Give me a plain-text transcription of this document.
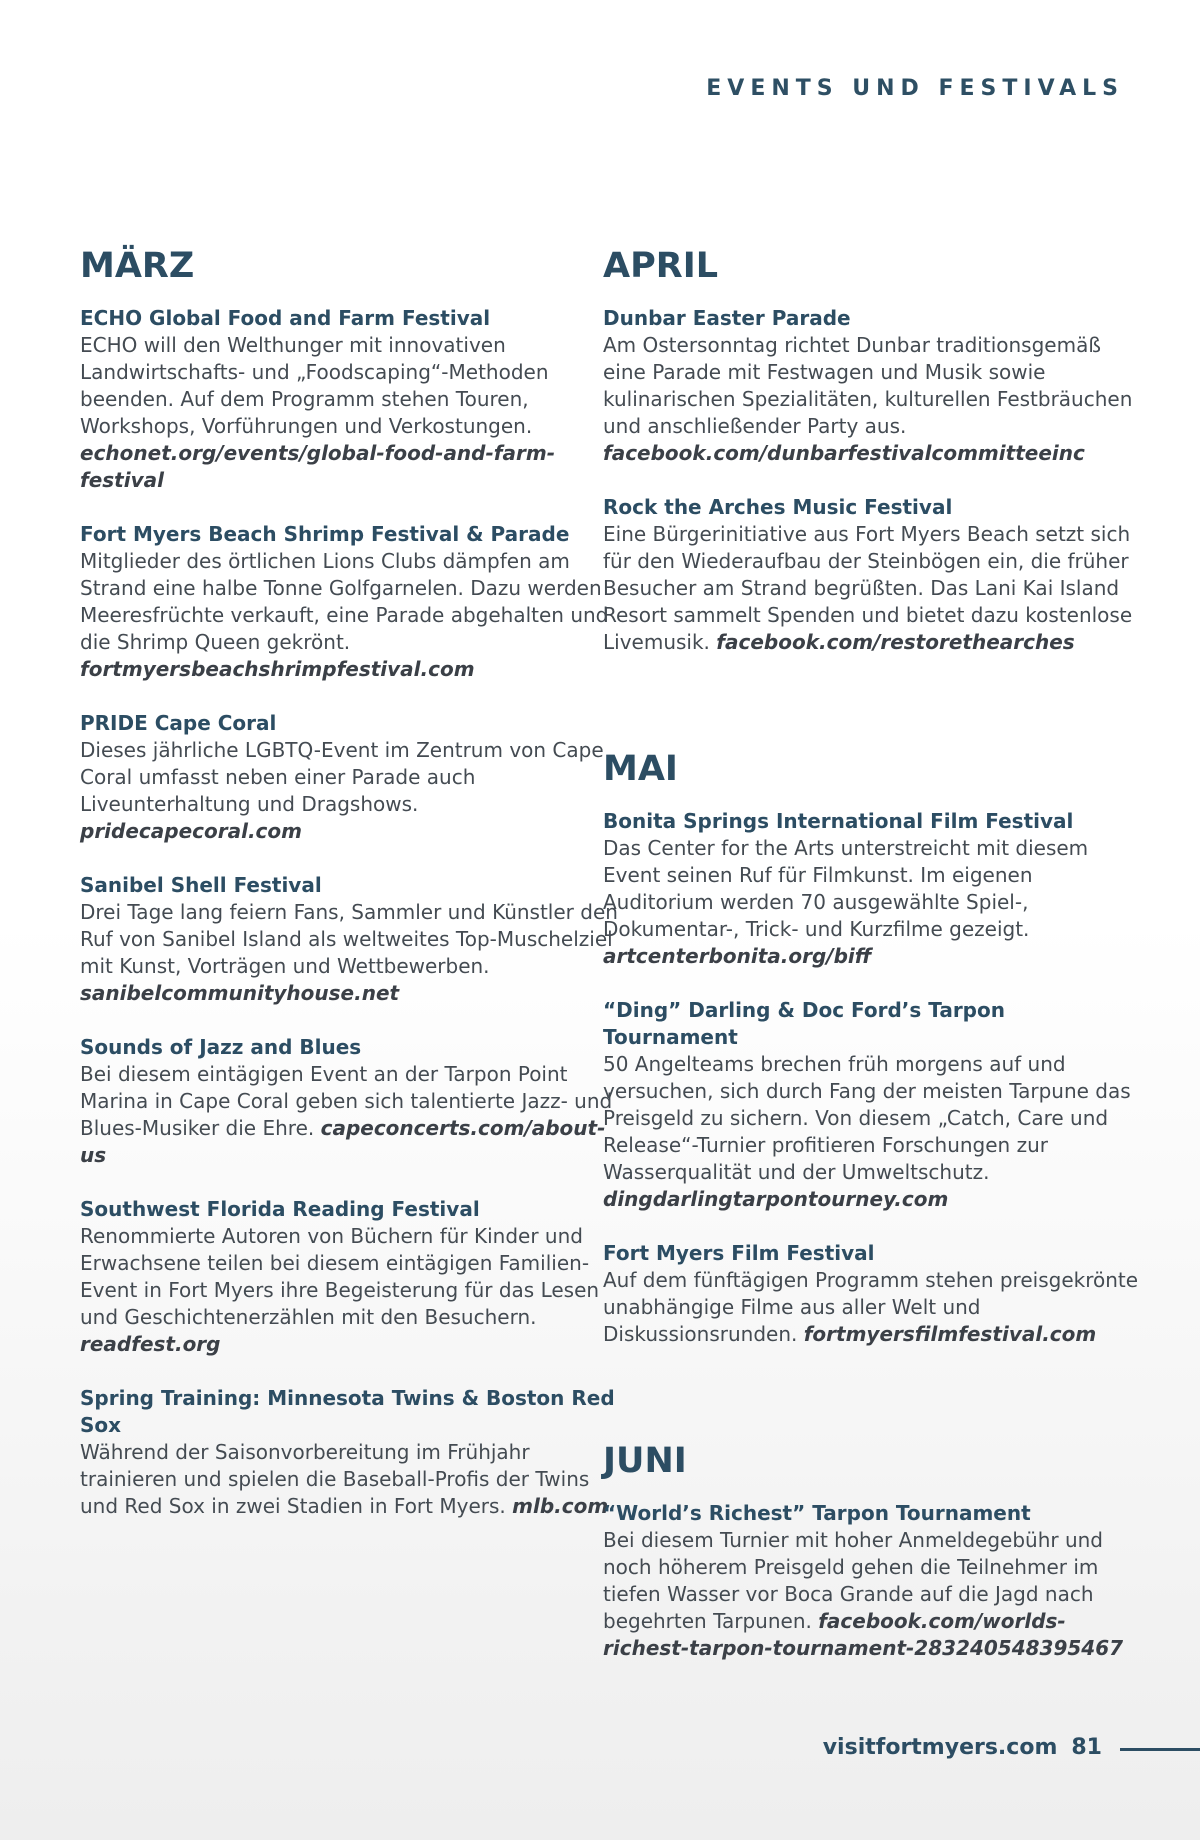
EVENTS UND FESTIVALS
MÄRZ
ECHO Global Food and Farm Festival
ECHO will den Welthunger mit innovativen Landwirtschafts- und „Foodscaping“-Methoden beenden. Auf dem Programm stehen Touren, Workshops, Vorführungen und Verkostungen. echonet.org/events/global-food-and-farm-festival
Fort Myers Beach Shrimp Festival & Parade
Mitglieder des örtlichen Lions Clubs dämpfen am Strand eine halbe Tonne Golfgarnelen. Dazu werden Meeresfrüchte verkauft, eine Parade abgehalten und die Shrimp Queen gekrönt. fortmyersbeachshrimpfestival.com
PRIDE Cape Coral
Dieses jährliche LGBTQ-Event im Zentrum von Cape Coral umfasst neben einer Parade auch Liveunterhaltung und Dragshows. pridecapecoral.com
Sanibel Shell Festival
Drei Tage lang feiern Fans, Sammler und Künstler den Ruf von Sanibel Island als weltweites Top-Muschelziel mit Kunst, Vorträgen und Wettbewerben. sanibelcommunityhouse.net
Sounds of Jazz and Blues
Bei diesem eintägigen Event an der Tarpon Point Marina in Cape Coral geben sich talentierte Jazz- und Blues-Musiker die Ehre. capeconcerts.com/about-us
Southwest Florida Reading Festival
Renommierte Autoren von Büchern für Kinder und Erwachsene teilen bei diesem eintägigen Familien-Event in Fort Myers ihre Begeisterung für das Lesen und Geschichtenerzählen mit den Besuchern. readfest.org
Spring Training: Minnesota Twins & Boston Red Sox
Während der Saisonvorbereitung im Frühjahr trainieren und spielen die Baseball-Profis der Twins und Red Sox in zwei Stadien in Fort Myers. mlb.com
APRIL
Dunbar Easter Parade
Am Ostersonntag richtet Dunbar traditionsgemäß eine Parade mit Festwagen und Musik sowie kulinarischen Spezialitäten, kulturellen Festbräuchen und anschließender Party aus. facebook.com/dunbarfestivalcommitteeinc
Rock the Arches Music Festival
Eine Bürgerinitiative aus Fort Myers Beach setzt sich für den Wiederaufbau der Steinbögen ein, die früher Besucher am Strand begrüßten. Das Lani Kai Island Resort sammelt Spenden und bietet dazu kostenlose Livemusik. facebook.com/restorethearches
MAI
Bonita Springs International Film Festival
Das Center for the Arts unterstreicht mit diesem Event seinen Ruf für Filmkunst. Im eigenen Auditorium werden 70 ausgewählte Spiel-, Dokumentar-, Trick- und Kurzfilme gezeigt. artcenterbonita.org/biff
“Ding” Darling & Doc Ford’s Tarpon Tournament
50 Angelteams brechen früh morgens auf und versuchen, sich durch Fang der meisten Tarpune das Preisgeld zu sichern. Von diesem „Catch, Care und Release“-Turnier profitieren Forschungen zur Wasserqualität und der Umweltschutz. dingdarlingtarpontourney.com
Fort Myers Film Festival
Auf dem fünftägigen Programm stehen preisgekrönte unabhängige Filme aus aller Welt und Diskussionsrunden. fortmyersfilmfestival.com
JUNI
“World’s Richest” Tarpon Tournament
Bei diesem Turnier mit hoher Anmeldegebühr und noch höherem Preisgeld gehen die Teilnehmer im tiefen Wasser vor Boca Grande auf die Jagd nach begehrten Tarpunen. facebook.com/worlds-richest-tarpon-tournament-283240548395467
visitfortmyers.com 81
